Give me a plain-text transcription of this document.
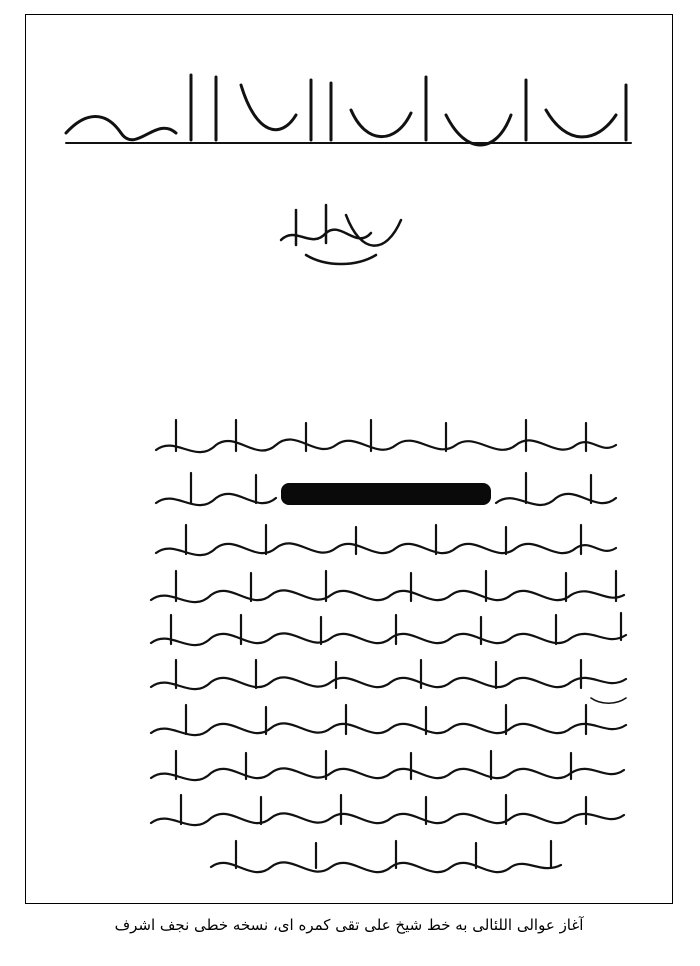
آغاز عوالی اللئالی به خط شیخ علی تقی کمره ای، نسخه خطی نجف اشرف
